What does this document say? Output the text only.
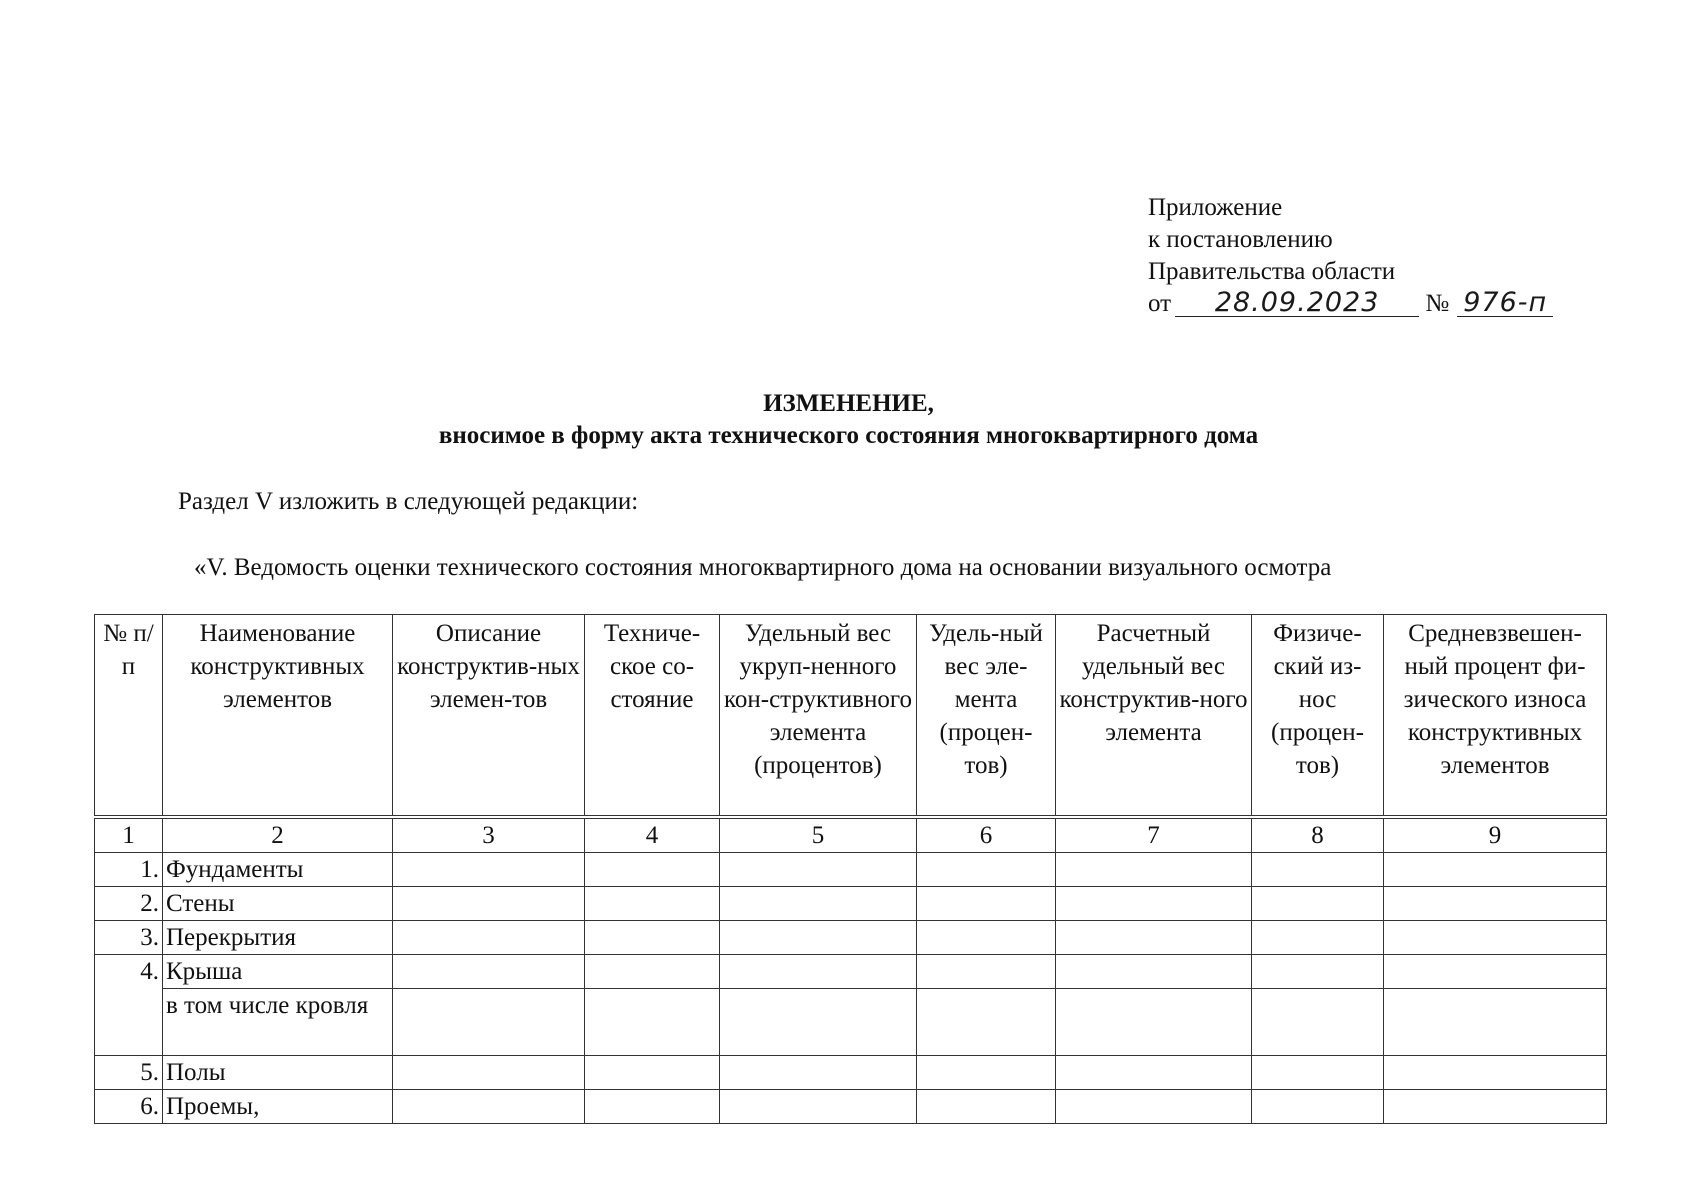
Приложение
к постановлению
Правительства области
от 28.09.2023 № 976-п
ИЗМЕНЕНИЕ,
вносимое в форму акта технического состояния многоквартирного дома
Раздел V изложить в следующей редакции:
«V. Ведомость оценки технического состояния многоквартирного дома на основании визуального осмотра
№ п/п	Наименование конструктивных элементов	Описание конструктив-ных элемен-тов	Техниче-ское со-стояние	Удельный вес укруп-ненного кон-структивного элемента (процентов)	Удель-ный вес эле-мента (процен-тов)	Расчетный удельный вес конструктив-ного элемента	Физиче-ский из-нос (процен-тов)	Средневзвешен-ный процент фи-зического износа конструктивных элементов
1	2	3	4	5	6	7	8	9
1.	Фундаменты							
2.	Стены							
3.	Перекрытия							
4.	Крыша							
	в том числе кровля							
5.	Полы							
6.	Проемы,							
